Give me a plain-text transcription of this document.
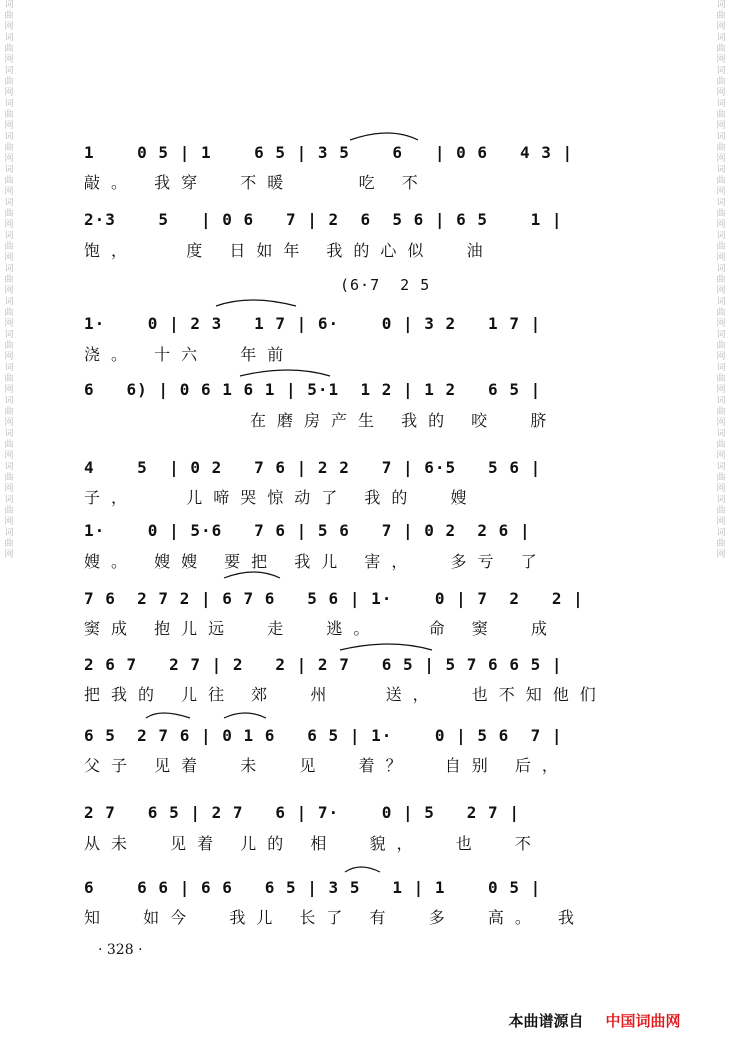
词曲网词曲网词曲网词曲网词曲网词曲网词曲网词曲网词曲网词曲网词曲网词曲网词曲网词曲网词曲网词曲网词曲网
词曲网词曲网词曲网词曲网词曲网词曲网词曲网词曲网词曲网词曲网词曲网词曲网词曲网词曲网词曲网词曲网词曲网
1    0 5 | 1    6 5 | 3 5    6   | 0 6   4 3 |
敲。 我穿  不暖    吃 不
2·3    5   | 0 6   7 | 2  6  5 6 | 6 5    1 |
饱，   度 日如年 我的心似  油
(6·7  2 5
1·    0 | 2 3   1 7 | 6·    0 | 3 2   1 7 |
浇。 十六  年前
6   6) | 0 6 1 6 1 | 5·1  1 2 | 1 2   6 5 |
在磨房产生 我的 咬  脐
4    5  | 0 2   7 6 | 2 2   7 | 6·5   5 6 |
子，   儿啼哭惊动了 我的  嫂
1·    0 | 5·6   7 6 | 5 6   7 | 0 2  2 6 |
嫂。 嫂嫂 要把 我儿 害，  多亏 了
7 6  2 7 2 | 6 7 6   5 6 | 1·    0 | 7  2   2 |
窦成 抱儿远  走  逃。   命 窦  成
2 6 7   2 7 | 2   2 | 2 7   6 5 | 5 7 6 6 5 |
把我的 儿往 郊  州   送，  也不知他们
6 5  2 7 6 | 0 1 6   6 5 | 1·    0 | 5 6  7 |
父子 见着  未  见  着？  自别 后，
2 7   6 5 | 2 7   6 | 7·    0 | 5   2 7 |
从未  见着 儿的 相  貌，  也  不
6    6 6 | 6 6   6 5 | 3 5   1 | 1    0 5 |
知  如今  我儿 长了 有  多  高。 我
· 328 ·

本曲谱源自 中国词曲网
